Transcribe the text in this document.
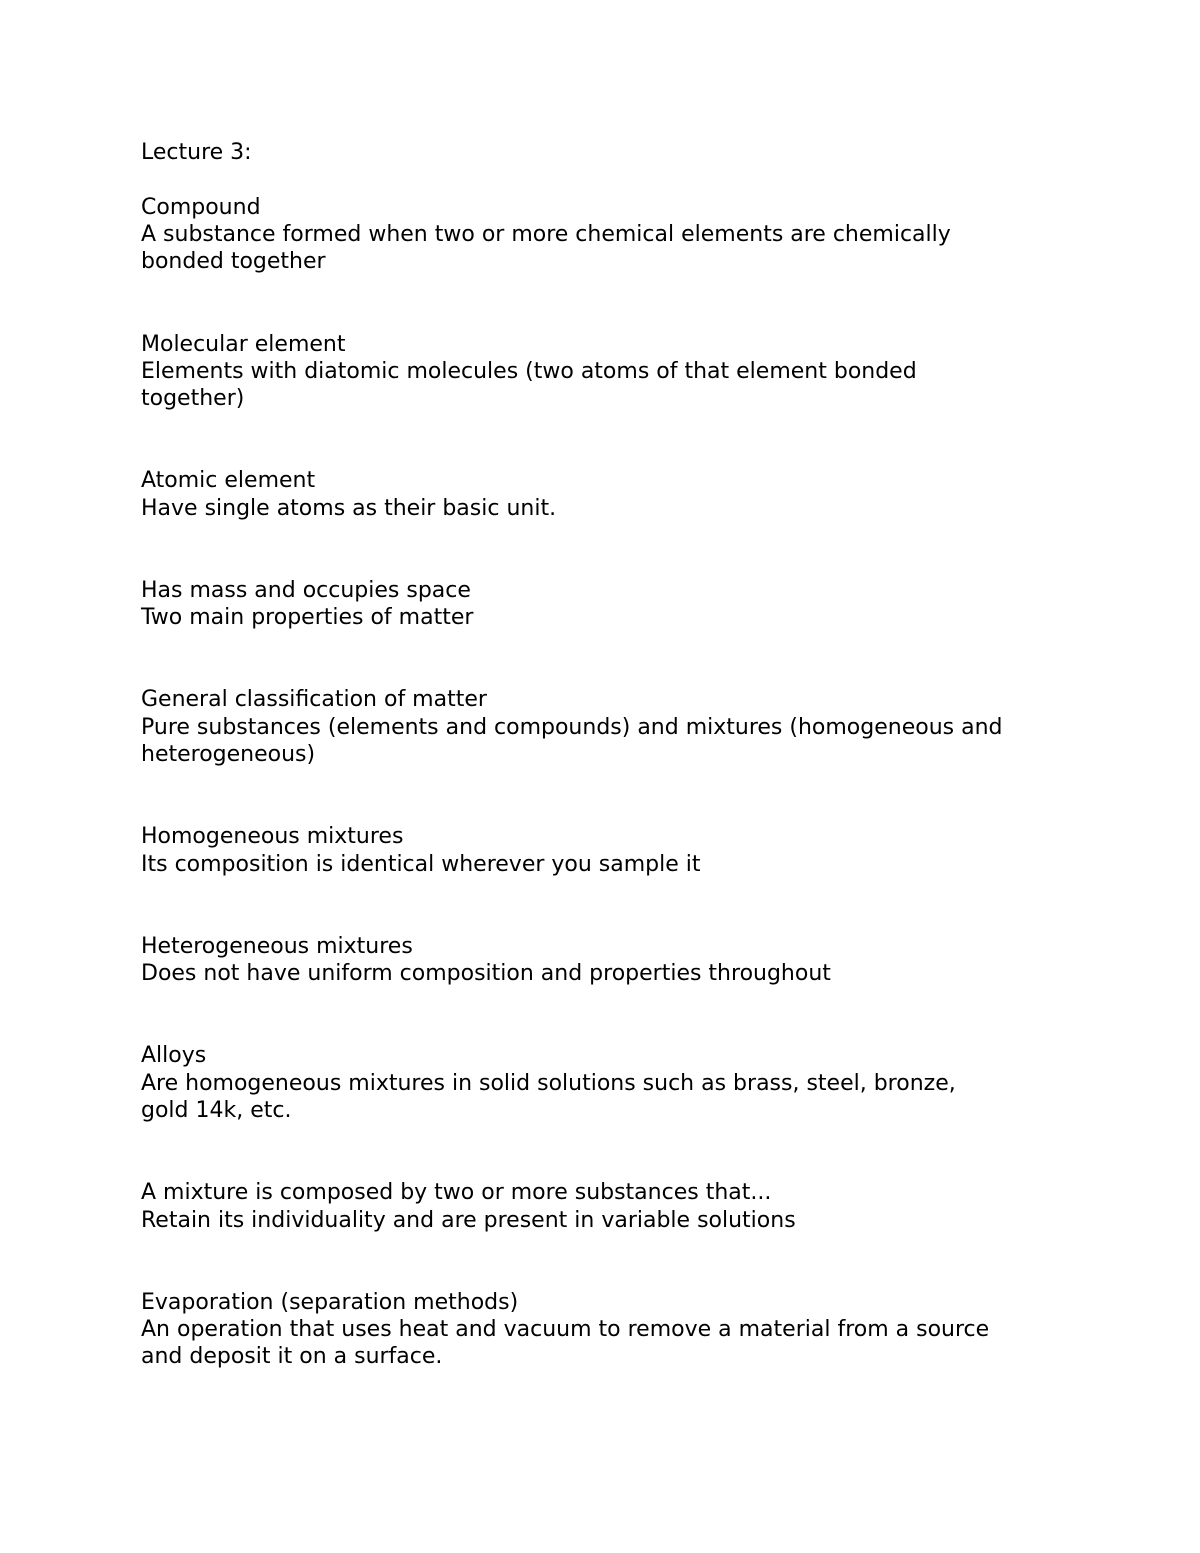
Lecture 3:
Compound
A substance formed when two or more chemical elements are chemically
bonded together
Molecular element
Elements with diatomic molecules (two atoms of that element bonded
together)
Atomic element
Have single atoms as their basic unit.
Has mass and occupies space
Two main properties of matter
General classification of matter
Pure substances (elements and compounds) and mixtures (homogeneous and
heterogeneous)
Homogeneous mixtures
Its composition is identical wherever you sample it
Heterogeneous mixtures
Does not have uniform composition and properties throughout
Alloys
Are homogeneous mixtures in solid solutions such as brass, steel, bronze,
gold 14k, etc.
A mixture is composed by two or more substances that...
Retain its individuality and are present in variable solutions
Evaporation (separation methods)
An operation that uses heat and vacuum to remove a material from a source
and deposit it on a surface.
